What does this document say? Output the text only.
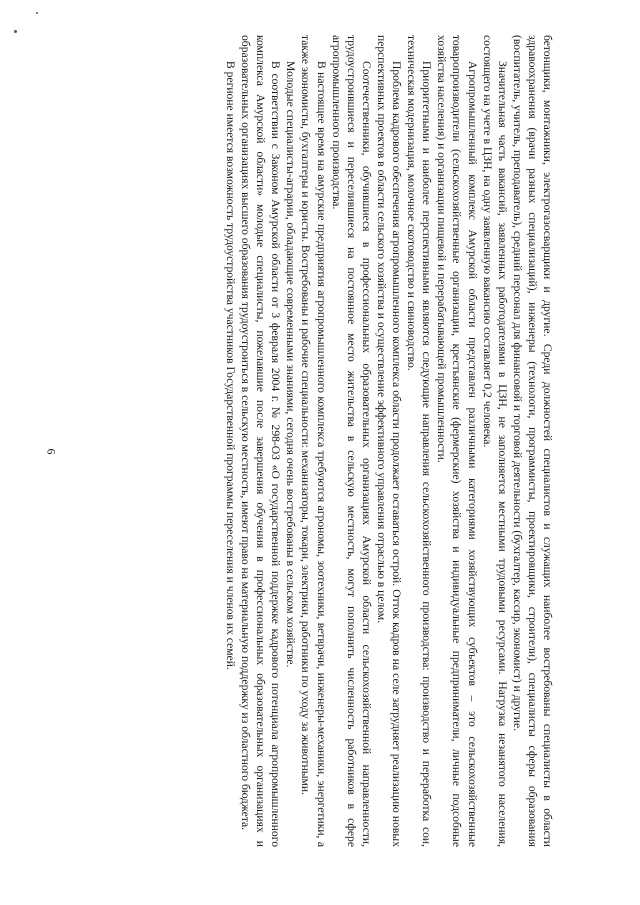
6	бетонщики, монтажники, электрогазосварщики и другие. Среди должностей специалистов и служащих наиболее востребованы специалисты в области здравоохранения (врачи разных специализаций), инженеры (технологи, программисты, проектировщики, строители), специалисты сферы образования (воспитатель, учитель, преподаватель), средний персонал для финансовой и торговой деятельности (бухгалтер, кассир, экономист) и другие.

Значительная часть вакансий, заявленных работодателями в ЦЗН, не заполняется местными трудовыми ресурсами. Нагрузка незанятого населения, состоящего на учете в ЦЗН, на одну заявленную вакансию составляет 0,2 человека.

Агропромышленный комплекс Амурской области представлен различными категориями хозяйствующих субъектов – это сельскохозяйственные товаропроизводители (сельскохозяйственные организации, крестьянские (фермерские) хозяйства и индивидуальные предприниматели, личные подсобные хозяйства населения) и организации пищевой и перерабатывающей промышленности.

Приоритетными и наиболее перспективными являются следующие направления сельскохозяйственного производства: производство и переработка сои, техническая модернизация, молочное скотоводство и свиноводство.

Проблема кадрового обеспечения агропромышленного комплекса области продолжает оставаться острой. Отток кадров на селе затрудняет реализацию новых перспективных проектов в области сельского хозяйства и осуществление эффективного управления отраслью в целом.

Соотечественники, обучившиеся в профессиональных образовательных организациях Амурской области сельскохозяйственной направленности, трудоустроившиеся и переселившиеся на постоянное место жительства в сельскую местность, могут пополнить численность работников в сфере агропромышленного производства.

В настоящее время на амурские предприятия агропромышленного комплекса требуются агрономы, зоотехники, ветврачи, инженеры-механики, энергетики, а также экономисты, бухгалтеры и юристы. Востребованы и рабочие специальности: механизаторы, токари, электрики, работники по уходу за животными.

Молодые специалисты-аграрии, обладающие современными знаниями, сегодня очень востребованы в сельском хозяйстве.

В соответствии с Законом Амурской области от 3 февраля 2004 г. № 298-ОЗ «О государственной поддержке кадрового потенциала агропромышленного комплекса Амурской области» молодые специалисты, пожелавшие после завершения обучения в профессиональных образовательных организациях и образовательных организациях высшего образования трудоустроиться в сельскую местность, имеют право на материальную поддержку из областного бюджета.

В регионе имеется возможность трудоустройства участников Государственной программы переселения и членов их семей.
